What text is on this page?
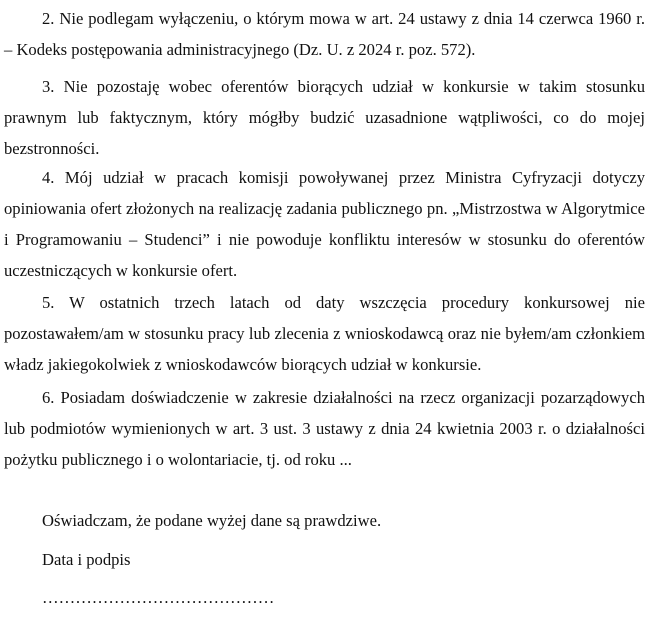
2. Nie podlegam wyłączeniu, o którym mowa w art. 24 ustawy z dnia 14 czerwca 1960 r. – Kodeks postępowania administracyjnego (Dz. U. z 2024 r. poz. 572).

3. Nie pozostaję wobec oferentów biorących udział w konkursie w takim stosunku prawnym lub faktycznym, który mógłby budzić uzasadnione wątpliwości, co do mojej bezstronności.

4. Mój udział w pracach komisji powoływanej przez Ministra Cyfryzacji dotyczy opiniowania ofert złożonych na realizację zadania publicznego pn. „Mistrzostwa w Algorytmice i Programowaniu – Studenci” i nie powoduje konfliktu interesów w stosunku do oferentów uczestniczących w konkursie ofert.

5. W ostatnich trzech latach od daty wszczęcia procedury konkursowej nie pozostawałem/am w stosunku pracy lub zlecenia z wnioskodawcą oraz nie byłem/am członkiem władz jakiegokolwiek z wnioskodawców biorących udział w konkursie.

6. Posiadam doświadczenie w zakresie działalności na rzecz organizacji pozarządowych lub podmiotów wymienionych w art. 3 ust. 3 ustawy z dnia 24 kwietnia 2003 r. o działalności pożytku publicznego i o wolontariacie, tj. od roku ...

Oświadczam, że podane wyżej dane są prawdziwe.

Data i podpis

……………………………………
